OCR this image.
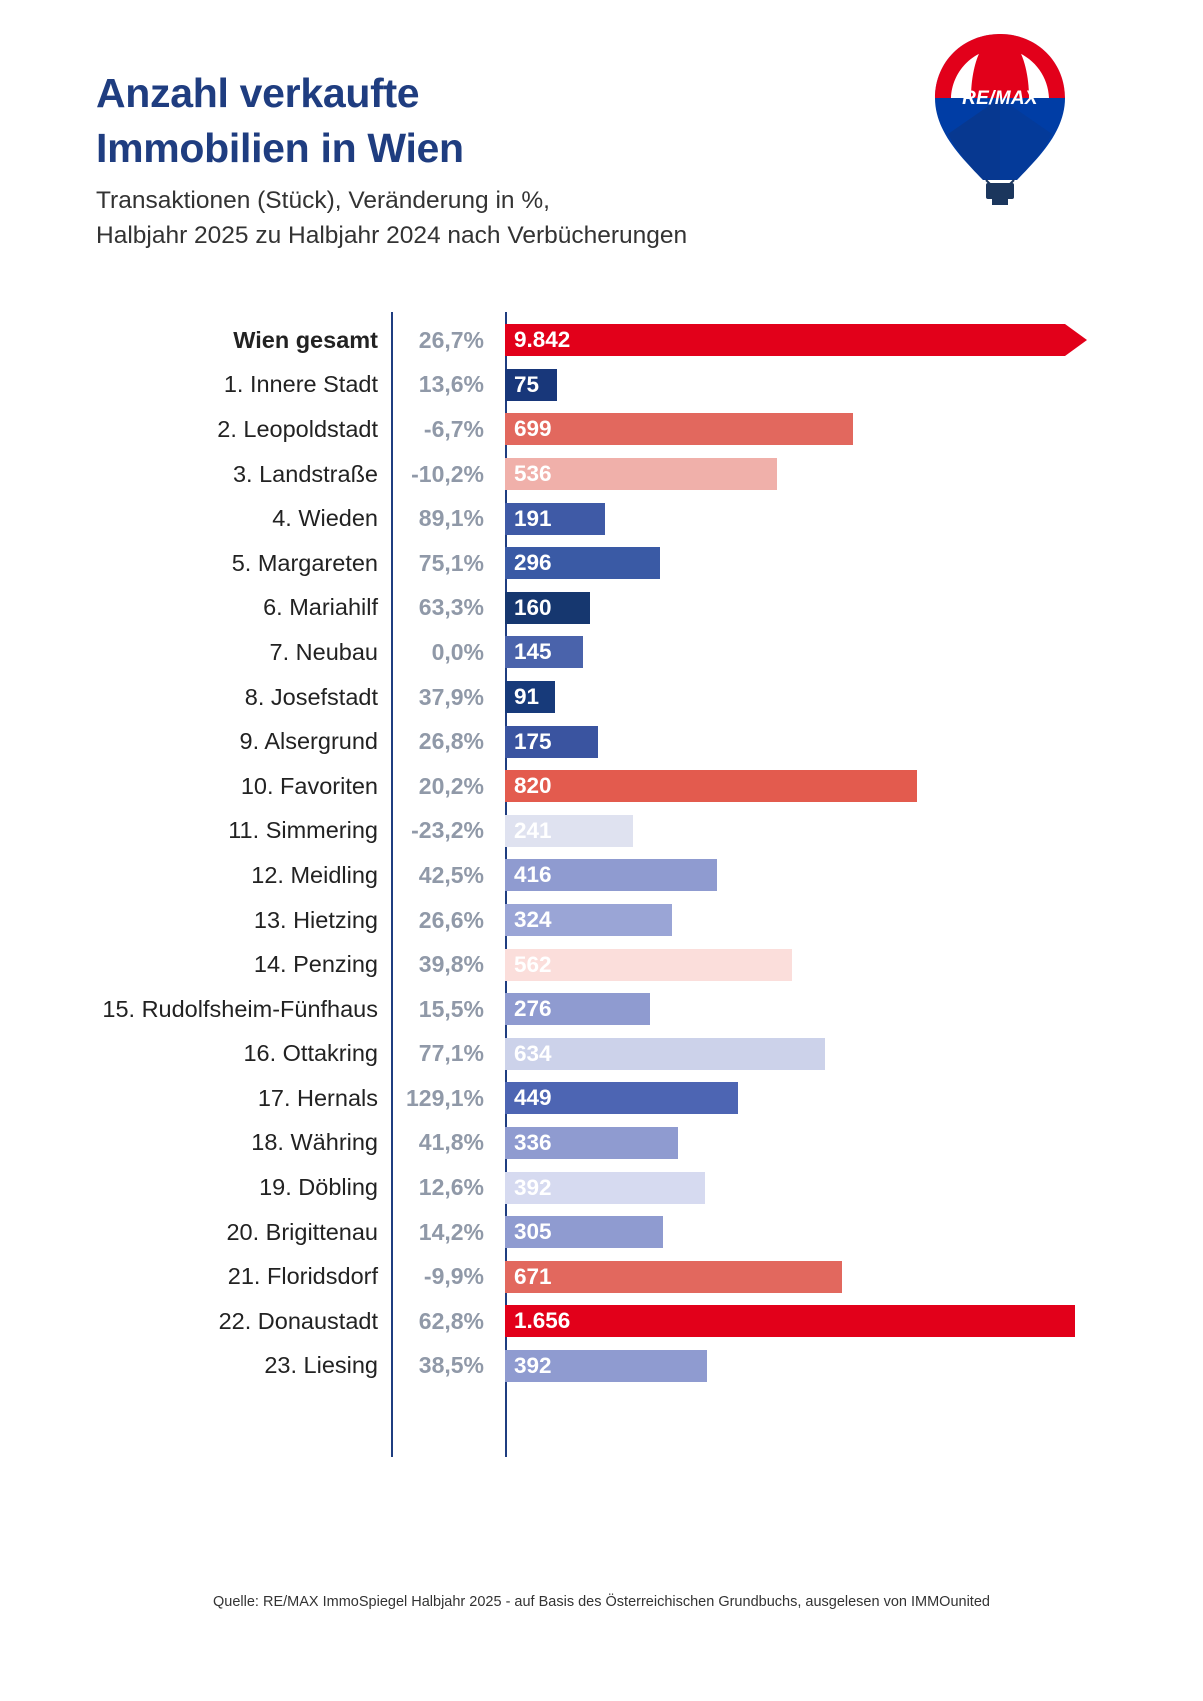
Anzahl verkaufte
Immobilien in Wien
Transaktionen (Stück), Veränderung in %,
Halbjahr 2025 zu Halbjahr 2024 nach Verbücherungen
RE/MAX
Wien gesamt	26,7% 9.842
1. Innere Stadt	13,6% 75
2. Leopoldstadt	-6,7% 699
3. Landstraße	-10,2% 536
4. Wieden	89,1% 191
5. Margareten	75,1% 296
6. Mariahilf	63,3% 160
7. Neubau	0,0% 145
8. Josefstadt	37,9% 91
9. Alsergrund	26,8% 175
10. Favoriten	20,2% 820
11. Simmering	-23,2% 241
12. Meidling	42,5% 416
13. Hietzing	26,6% 324
14. Penzing	39,8% 562
15. Rudolfsheim-Fünfhaus	15,5% 276
16. Ottakring	77,1% 634
17. Hernals	129,1% 449
18. Währing	41,8% 336
19. Döbling	12,6% 392
20. Brigittenau	14,2% 305
21. Floridsdorf	-9,9% 671
22. Donaustadt	62,8% 1.656
23. Liesing	38,5% 392
Quelle: RE/MAX ImmoSpiegel Halbjahr 2025 - auf Basis des Österreichischen Grundbuchs, ausgelesen von IMMOunited
